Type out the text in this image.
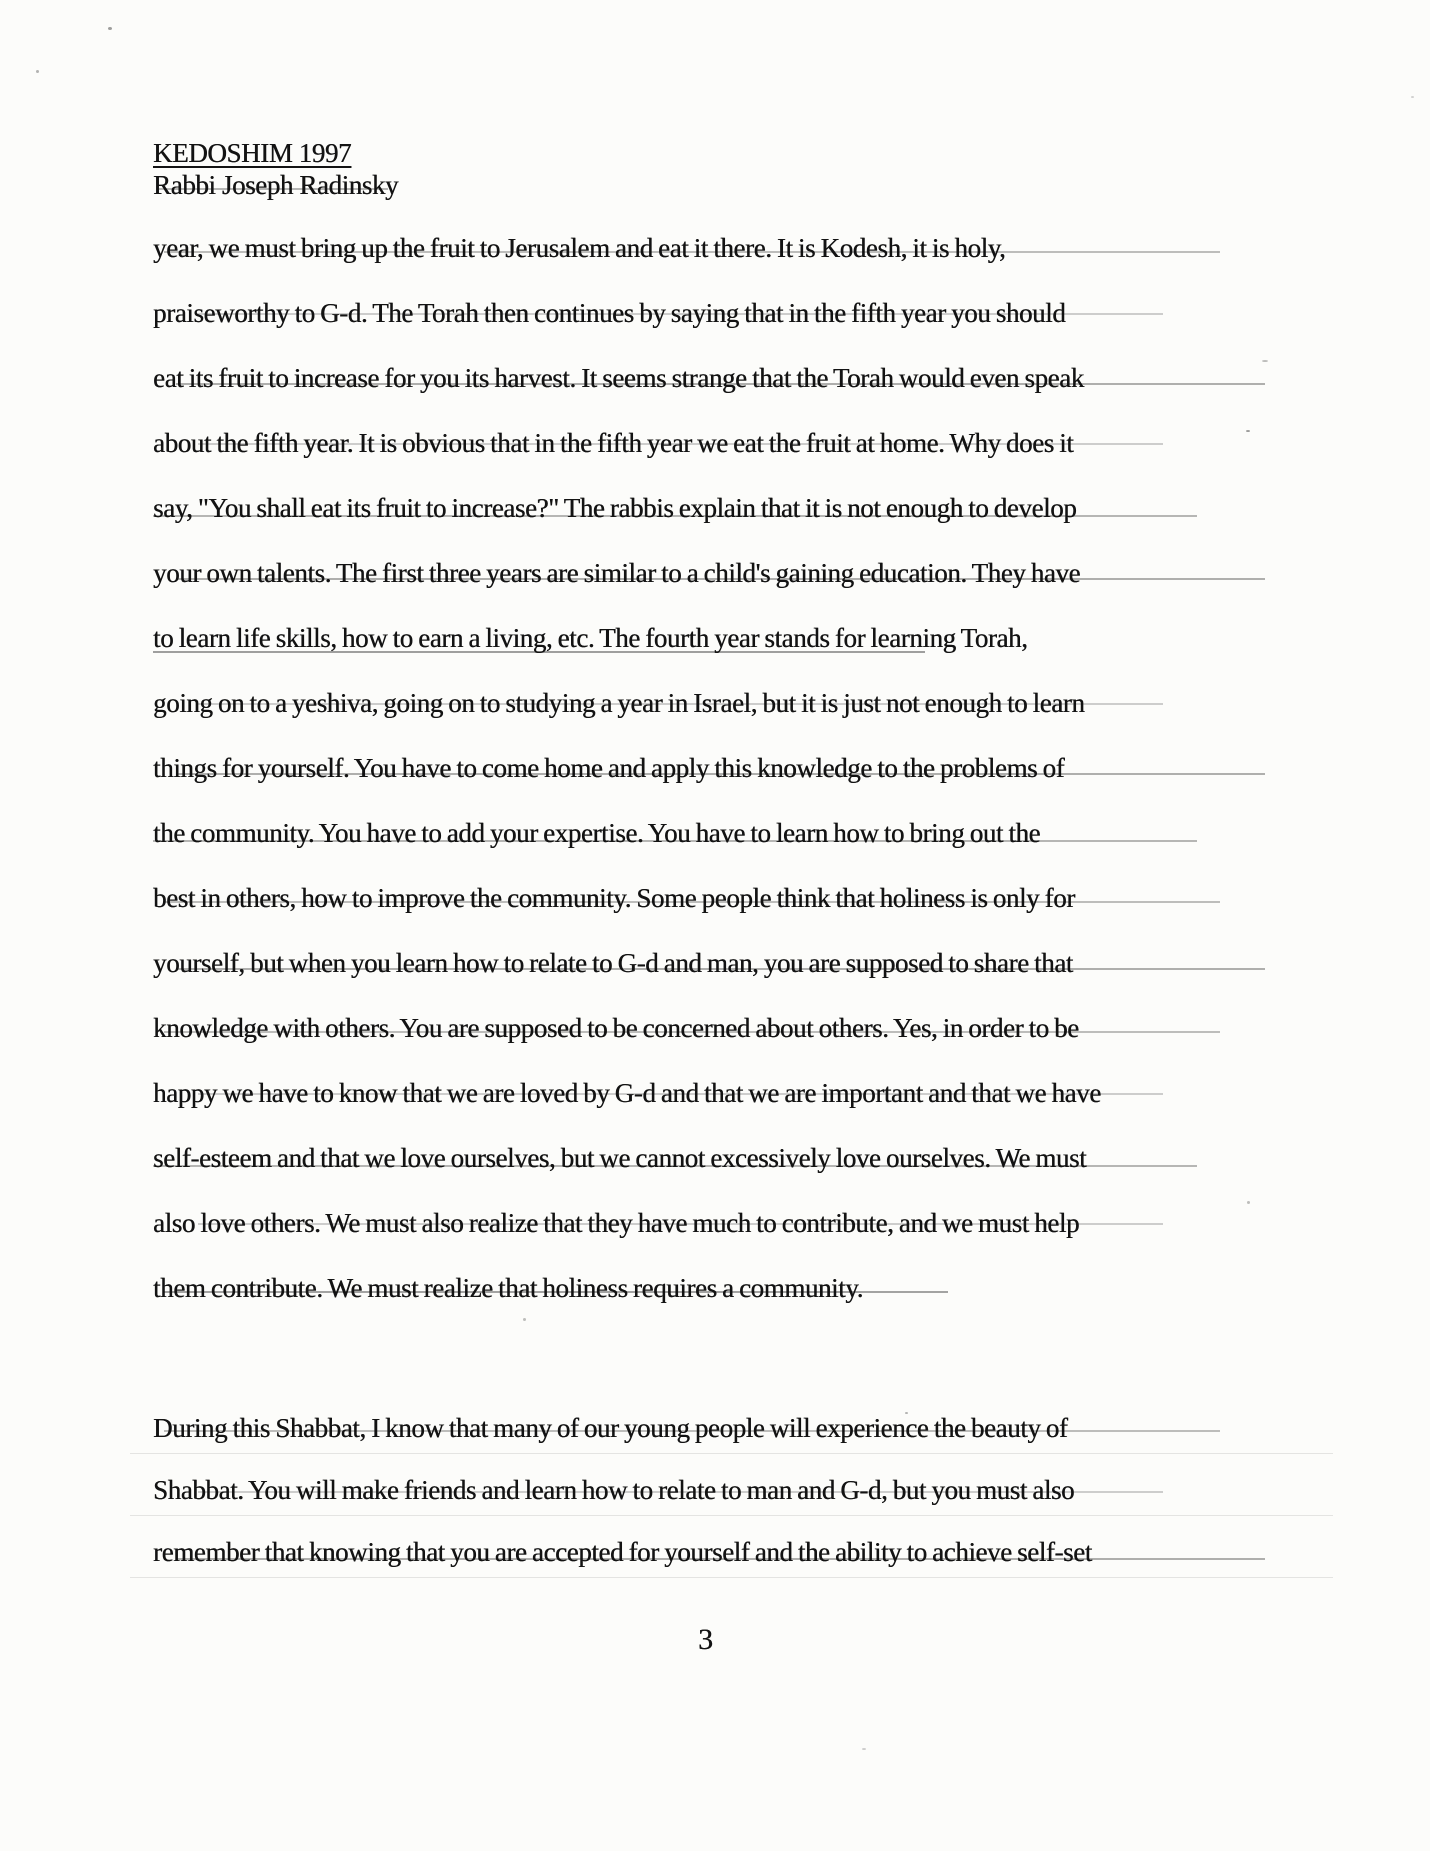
KEDOSHIM 1997
Rabbi Joseph Radinsky
year, we must bring up the fruit to Jerusalem and eat it there. It is Kodesh, it is holy,
praiseworthy to G-d. The Torah then continues by saying that in the fifth year you should
eat its fruit to increase for you its harvest. It seems strange that the Torah would even speak
about the fifth year. It is obvious that in the fifth year we eat the fruit at home. Why does it
say, "You shall eat its fruit to increase?" The rabbis explain that it is not enough to develop
your own talents. The first three years are similar to a child's gaining education. They have
to learn life skills, how to earn a living, etc. The fourth year stands for learning Torah,
going on to a yeshiva, going on to studying a year in Israel, but it is just not enough to learn
things for yourself. You have to come home and apply this knowledge to the problems of
the community. You have to add your expertise. You have to learn how to bring out the
best in others, how to improve the community. Some people think that holiness is only for
yourself, but when you learn how to relate to G-d and man, you are supposed to share that
knowledge with others. You are supposed to be concerned about others. Yes, in order to be
happy we have to know that we are loved by G-d and that we are important and that we have
self-esteem and that we love ourselves, but we cannot excessively love ourselves. We must
also love others. We must also realize that they have much to contribute, and we must help
them contribute. We must realize that holiness requires a community.
During this Shabbat, I know that many of our young people will experience the beauty of
Shabbat. You will make friends and learn how to relate to man and G-d, but you must also
remember that knowing that you are accepted for yourself and the ability to achieve self-set
3
